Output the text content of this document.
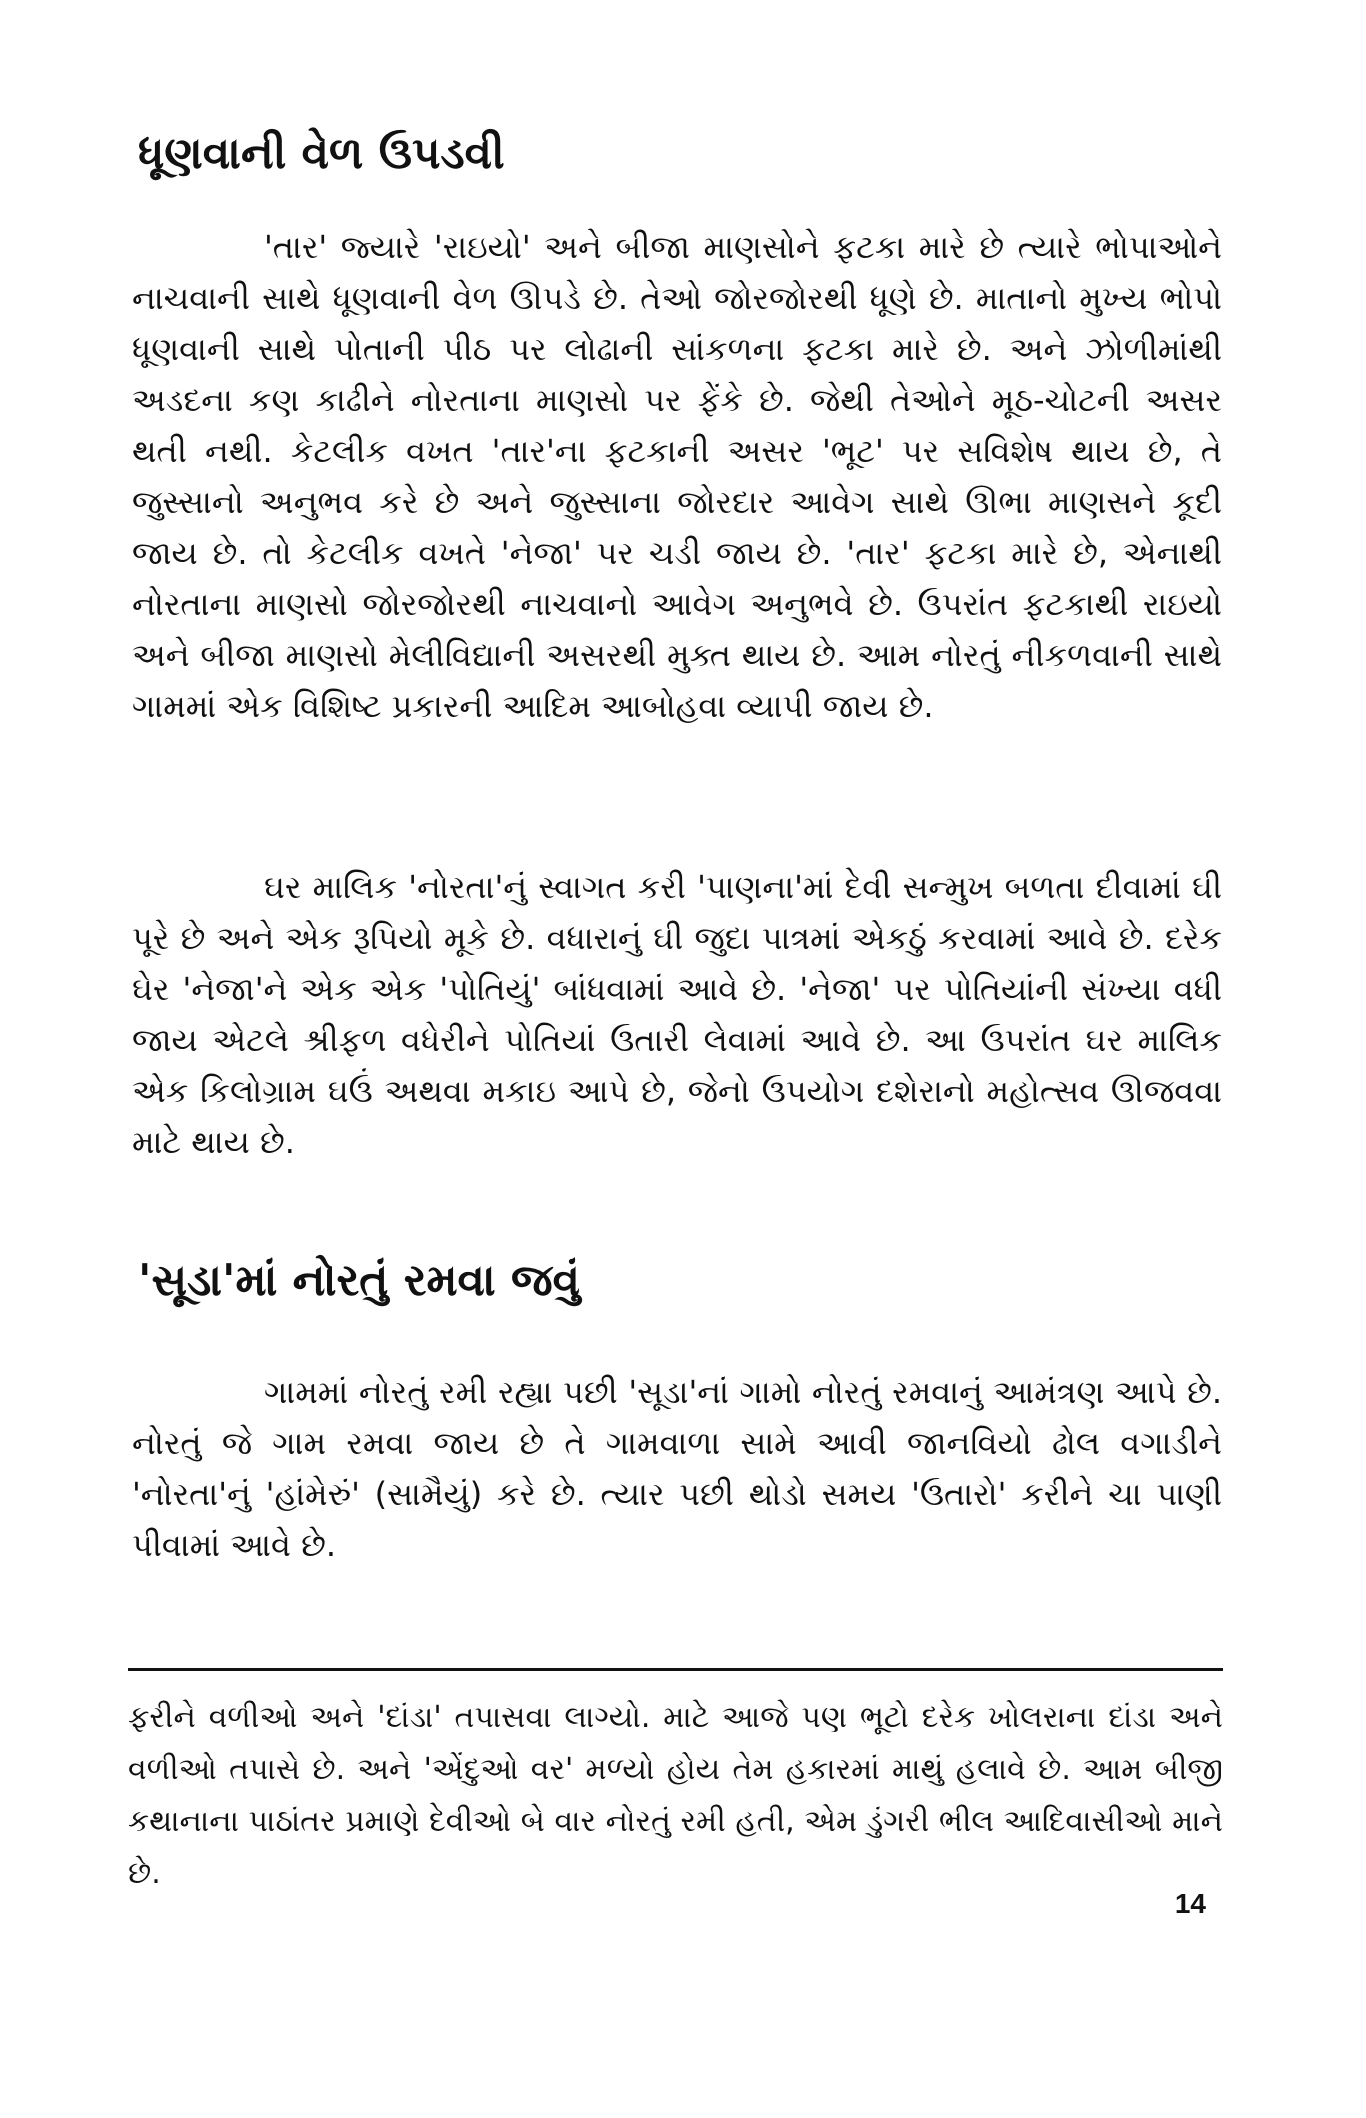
ધૂણવાની વેળ ઉપડવી

'તાર' જ્યારે 'રાઇયો' અને બીજા માણસોને ફટકા મારે છે ત્યારે ભોપાઓને નાચવાની સાથે ધૂણવાની વેળ ઊપડે છે. તેઓ જોરજોરથી ધૂણે છે. માતાનો મુખ્ય ભોપો ધૂણવાની સાથે પોતાની પીઠ પર લોઢાની સાંકળના ફટકા મારે છે. અને ઝોળીમાંથી અડદના કણ કાઢીને નોરતાના માણસો પર ફેંકે છે. જેથી તેઓને મૂઠ-ચોટની અસર થતી નથી. કેટલીક વખત 'તાર'ના ફટકાની અસર 'ભૂટ' પર સવિશેષ થાય છે, તે જુસ્સાનો અનુભવ કરે છે અને જુસ્સાના જોરદાર આવેગ સાથે ઊભા માણસને કૂદી જાય છે. તો કેટલીક વખતે 'નેજા' પર ચડી જાય છે. 'તાર' ફટકા મારે છે, એનાથી નોરતાના માણસો જોરજોરથી નાચવાનો આવેગ અનુભવે છે. ઉપરાંત ફટકાથી રાઇયો અને બીજા માણસો મેલીવિદ્યાની અસરથી મુક્ત થાય છે. આમ નોરતું નીકળવાની સાથે ગામમાં એક વિશિષ્ટ પ્રકારની આદિમ આબોહવા વ્યાપી જાય છે.

ઘર માલિક 'નોરતા'નું સ્વાગત કરી 'પાણના'માં દેવી સન્મુખ બળતા દીવામાં ઘી પૂરે છે અને એક રૂપિયો મૂકે છે. વધારાનું ઘી જુદા પાત્રમાં એકઠું કરવામાં આવે છે. દરેક ઘેર 'નેજા'ને એક એક 'પોતિયું' બાંધવામાં આવે છે. 'નેજા' પર પોતિયાંની સંખ્યા વધી જાય એટલે શ્રીફળ વધેરીને પોતિયાં ઉતારી લેવામાં આવે છે. આ ઉપરાંત ઘર માલિક એક કિલોગ્રામ ઘઉં અથવા મકાઇ આપે છે, જેનો ઉપયોગ દશેરાનો મહોત્સવ ઊજવવા માટે થાય છે.

'સૂડા'માં નોરતું રમવા જવું

ગામમાં નોરતું રમી રહ્યા પછી 'સૂડા'નાં ગામો નોરતું રમવાનું આમંત્રણ આપે છે. નોરતું જે ગામ રમવા જાય છે તે ગામવાળા સામે આવી જાનવિયો ઢોલ વગાડીને 'નોરતા'નું 'હાંમેરું' (સામૈયું) કરે છે. ત્યાર પછી થોડો સમય 'ઉતારો' કરીને ચા પાણી પીવામાં આવે છે.

ફરીને વળીઓ અને 'દાંડા' તપાસવા લાગ્યો. માટે આજે પણ ભૂટો દરેક ખોલરાના દાંડા અને વળીઓ તપાસે છે. અને 'એંદુઓ વર' મળ્યો હોય તેમ હકારમાં માથું હલાવે છે. આમ બીજી કથાનાના પાઠાંતર પ્રમાણે દેવીઓ બે વાર નોરતું રમી હતી, એમ ડુંગરી ભીલ આદિવાસીઓ માને છે.

14
